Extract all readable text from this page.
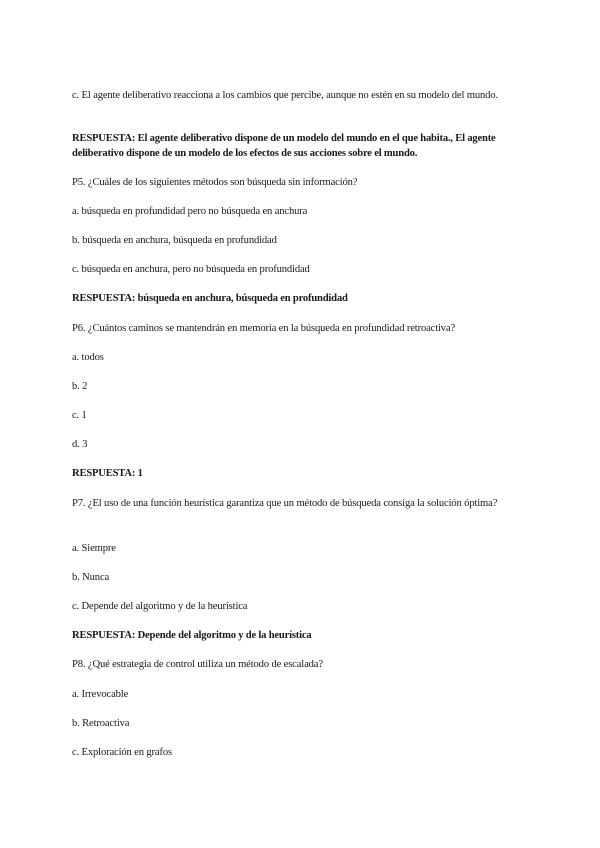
c. El agente deliberativo reacciona a los cambios que percibe, aunque no estén en su modelo del mundo.

RESPUESTA: El agente deliberativo dispone de un modelo del mundo en el que habita., El agente deliberativo dispone de un modelo de los efectos de sus acciones sobre el mundo.

P5. ¿Cuáles de los siguientes métodos son búsqueda sin información?

a. búsqueda en profundidad pero no búsqueda en anchura

b. búsqueda en anchura, búsqueda en profundidad

c. búsqueda en anchura, pero no búsqueda en profundidad

RESPUESTA: búsqueda en anchura, búsqueda en profundidad

P6. ¿Cuántos caminos se mantendrán en memoria en la búsqueda en profundidad retroactiva?

a. todos

b. 2

c. 1

d. 3

RESPUESTA: 1

P7. ¿El uso de una función heurística garantiza que un método de búsqueda consiga la solución óptima?

a. Siempre

b. Nunca

c. Depende del algoritmo y de la heurística

RESPUESTA: Depende del algoritmo y de la heurística

P8. ¿Qué estrategia de control utiliza un método de escalada?

a. Irrevocable

b. Retroactiva

c. Exploración en grafos
